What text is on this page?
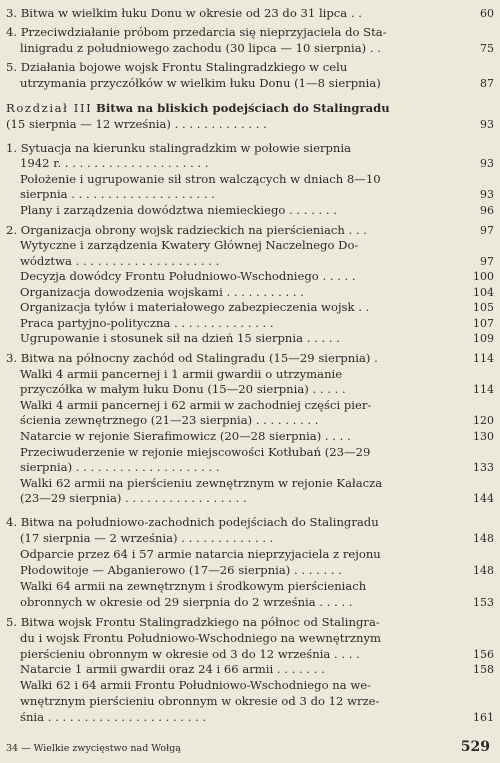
3. Bitwa w wielkim łuku Donu w okresie od 23 do 31 lipca . .	60
4. Przeciwdziałanie próbom przedarcia się nieprzyjaciela do Sta-
linigradu z południowego zachodu (30 lipca — 10 sierpnia) . .	75
5. Działania bojowe wojsk Frontu Stalingradzkiego w celu
utrzymania przyczółków w wielkim łuku Donu (1—8 sierpnia)	87
Rozdział III Bitwa na bliskich podejściach do Stalingradu
(15 sierpnia — 12 września) . . . . . . . . . . . . .	93
1. Sytuacja na kierunku stalingradzkim w połowie sierpnia
1942 r. . . . . . . . . . . . . . . . . . . . .	93
Położenie i ugrupowanie sił stron walczących w dniach 8—10
sierpnia . . . . . . . . . . . . . . . . . . . .	93
Plany i zarządzenia dowództwa niemieckiego . . . . . . .	96
2. Organizacja obrony wojsk radzieckich na pierścieniach . . .	97
Wytyczne i zarządzenia Kwatery Głównej Naczelnego Do-
wództwa . . . . . . . . . . . . . . . . . . . .	97
Decyzja dowódcy Frontu Południowo-Wschodniego . . . . .	100
Organizacja dowodzenia wojskami . . . . . . . . . . .	104
Organizacja tyłów i materiałowego zabezpieczenia wojsk . .	105
Praca partyjno-polityczna . . . . . . . . . . . . . .	107
Ugrupowanie i stosunek sił na dzień 15 sierpnia . . . . .	109
3. Bitwa na północny zachód od Stalingradu (15—29 sierpnia) .	114
Walki 4 armii pancernej i 1 armii gwardii o utrzymanie
przyczółka w małym łuku Donu (15—20 sierpnia) . . . . .	114
Walki 4 armii pancernej i 62 armii w zachodniej części pier-
ścienia zewnętrznego (21—23 sierpnia) . . . . . . . . .	120
Natarcie w rejonie Sierafimowicz (20—28 sierpnia) . . . .	130
Przeciwuderzenie w rejonie miejscowości Kotłubań (23—29
sierpnia) . . . . . . . . . . . . . . . . . . . .	133
Walki 62 armii na pierścieniu zewnętrznym w rejonie Kałacza
(23—29 sierpnia) . . . . . . . . . . . . . . . . .	144
4. Bitwa na południowo-zachodnich podejściach do Stalingradu
(17 sierpnia — 2 września) . . . . . . . . . . . . .	148
Odparcie przez 64 i 57 armie natarcia nieprzyjaciela z rejonu
Płodowitoje — Abganierowo (17—26 sierpnia) . . . . . . .	148
Walki 64 armii na zewnętrznym i środkowym pierścieniach
obronnych w okresie od 29 sierpnia do 2 września . . . . .	153
5. Bitwa wojsk Frontu Stalingradzkiego na północ od Stalingra-
du i wojsk Frontu Południowo-Wschodniego na wewnętrznym
pierścieniu obronnym w okresie od 3 do 12 września . . . .	156
Natarcie 1 armii gwardii oraz 24 i 66 armii . . . . . . .	158
Walki 62 i 64 armii Frontu Południowo-Wschodniego na we-
wnętrznym pierścieniu obronnym w okresie od 3 do 12 wrze-
śnia . . . . . . . . . . . . . . . . . . . . . .	161
34 — Wielkie zwycięstwo nad Wołgą	529
